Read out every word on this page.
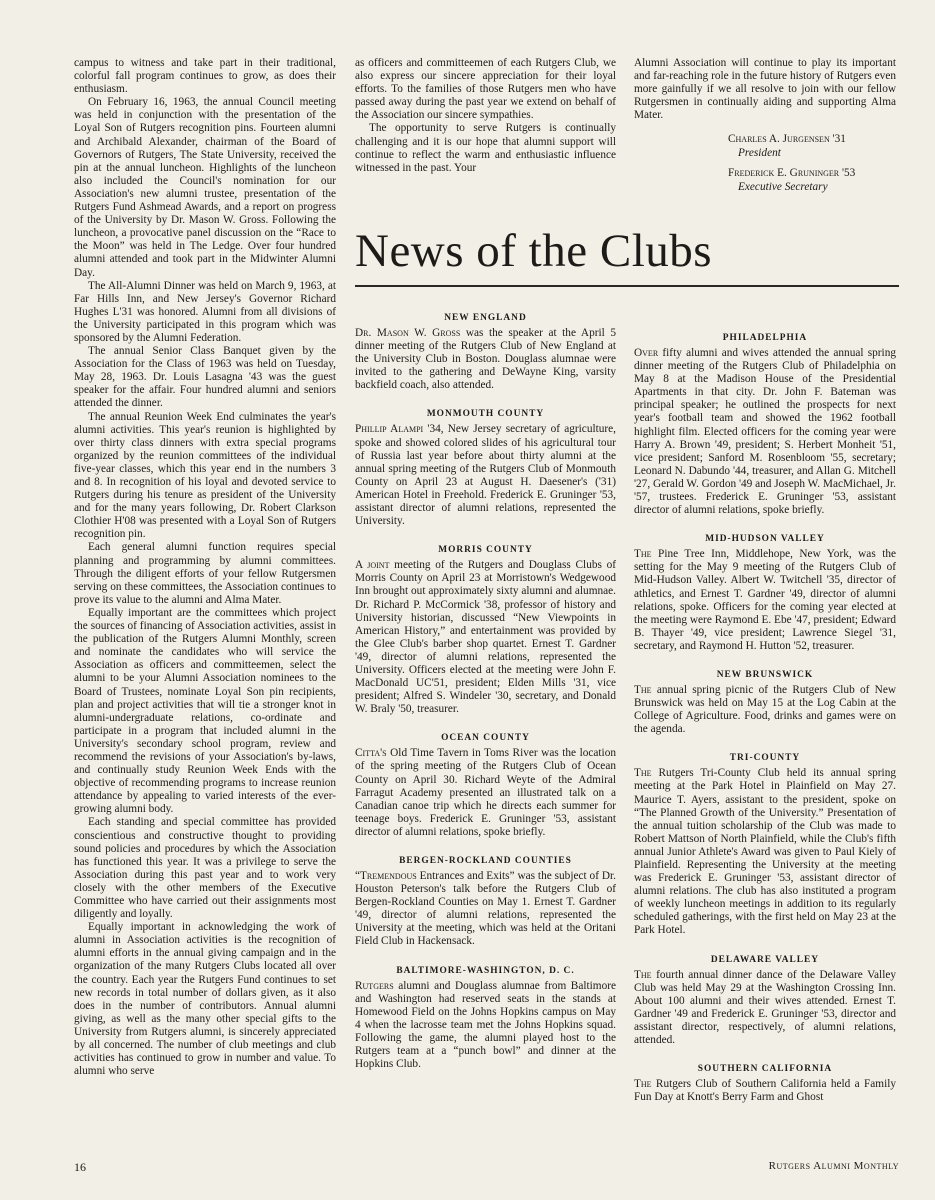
campus to witness and take part in their traditional, colorful fall program continues to grow, as does their enthusiasm.

On February 16, 1963, the annual Council meeting was held in conjunction with the presentation of the Loyal Son of Rutgers recognition pins. Fourteen alumni and Archibald Alexander, chairman of the Board of Governors of Rutgers, The State University, received the pin at the annual luncheon. Highlights of the luncheon also included the Council's nomination for our Association's new alumni trustee, presentation of the Rutgers Fund Ashmead Awards, and a report on progress of the University by Dr. Mason W. Gross. Following the luncheon, a provocative panel discussion on the “Race to the Moon” was held in The Ledge. Over four hundred alumni attended and took part in the Midwinter Alumni Day.

The All-Alumni Dinner was held on March 9, 1963, at Far Hills Inn, and New Jersey's Governor Richard Hughes L'31 was honored. Alumni from all divisions of the University participated in this program which was sponsored by the Alumni Federation.

The annual Senior Class Banquet given by the Association for the Class of 1963 was held on Tuesday, May 28, 1963. Dr. Louis Lasagna '43 was the guest speaker for the affair. Four hundred alumni and seniors attended the dinner.

The annual Reunion Week End culminates the year's alumni activities. This year's reunion is highlighted by over thirty class dinners with extra special programs organized by the reunion committees of the individual five-year classes, which this year end in the numbers 3 and 8. In recognition of his loyal and devoted service to Rutgers during his tenure as president of the University and for the many years following, Dr. Robert Clarkson Clothier H'08 was presented with a Loyal Son of Rutgers recognition pin.

Each general alumni function requires special planning and programming by alumni committees. Through the diligent efforts of your fellow Rutgersmen serving on these committees, the Association continues to prove its value to the alumni and Alma Mater.

Equally important are the committees which project the sources of financing of Association activities, assist in the publication of the Rutgers Alumni Monthly, screen and nominate the candidates who will service the Association as officers and committeemen, select the alumni to be your Alumni Association nominees to the Board of Trustees, nominate Loyal Son pin recipients, plan and project activities that will tie a stronger knot in alumni-undergraduate relations, co-ordinate and participate in a program that included alumni in the University's secondary school program, review and recommend the revisions of your Association's by-laws, and continually study Reunion Week Ends with the objective of recommending programs to increase reunion attendance by appealing to varied interests of the ever-growing alumni body.

Each standing and special committee has provided conscientious and constructive thought to providing sound policies and procedures by which the Association has functioned this year. It was a privilege to serve the Association during this past year and to work very closely with the other members of the Executive Committee who have carried out their assignments most diligently and loyally.

Equally important in acknowledging the work of alumni in Association activities is the recognition of alumni efforts in the annual giving campaign and in the organization of the many Rutgers Clubs located all over the country. Each year the Rutgers Fund continues to set new records in total number of dollars given, as it also does in the number of contributors. Annual alumni giving, as well as the many other special gifts to the University from Rutgers alumni, is sincerely appreciated by all concerned. The number of club meetings and club activities has continued to grow in number and value. To alumni who serve

as officers and committeemen of each Rutgers Club, we also express our sincere appreciation for their loyal efforts. To the families of those Rutgers men who have passed away during the past year we extend on behalf of the Association our sincere sympathies.

The opportunity to serve Rutgers is continually challenging and it is our hope that alumni support will continue to reflect the warm and enthusiastic influence witnessed in the past. Your

Alumni Association will continue to play its important and far-reaching role in the future history of Rutgers even more gainfully if we all resolve to join with our fellow Rutgersmen in continually aiding and supporting Alma Mater.

Charles A. Jurgensen '31
President
Frederick E. Gruninger '53
Executive Secretary
News of the Clubs
NEW ENGLAND

Dr. Mason W. Gross was the speaker at the April 5 dinner meeting of the Rutgers Club of New England at the University Club in Boston. Douglass alumnae were invited to the gathering and DeWayne King, varsity backfield coach, also attended.

MONMOUTH COUNTY

Phillip Alampi '34, New Jersey secretary of agriculture, spoke and showed colored slides of his agricultural tour of Russia last year before about thirty alumni at the annual spring meeting of the Rutgers Club of Monmouth County on April 23 at August H. Daesener's ('31) American Hotel in Freehold. Frederick E. Gruninger '53, assistant director of alumni relations, represented the University.

MORRIS COUNTY

A joint meeting of the Rutgers and Douglass Clubs of Morris County on April 23 at Morristown's Wedgewood Inn brought out approximately sixty alumni and alumnae. Dr. Richard P. McCormick '38, professor of history and University historian, discussed “New Viewpoints in American History,” and entertainment was provided by the Glee Club's barber shop quartet. Ernest T. Gardner '49, director of alumni relations, represented the University. Officers elected at the meeting were John F. MacDonald UC'51, president; Elden Mills '31, vice president; Alfred S. Windeler '30, secretary, and Donald W. Braly '50, treasurer.

OCEAN COUNTY

Citta's Old Time Tavern in Toms River was the location of the spring meeting of the Rutgers Club of Ocean County on April 30. Richard Weyte of the Admiral Farragut Academy presented an illustrated talk on a Canadian canoe trip which he directs each summer for teenage boys. Frederick E. Gruninger '53, assistant director of alumni relations, spoke briefly.

BERGEN-ROCKLAND COUNTIES

“Tremendous Entrances and Exits” was the subject of Dr. Houston Peterson's talk before the Rutgers Club of Bergen-Rockland Counties on May 1. Ernest T. Gardner '49, director of alumni relations, represented the University at the meeting, which was held at the Oritani Field Club in Hackensack.

BALTIMORE-WASHINGTON, D. C.

Rutgers alumni and Douglass alumnae from Baltimore and Washington had reserved seats in the stands at Homewood Field on the Johns Hopkins campus on May 4 when the lacrosse team met the Johns Hopkins squad. Following the game, the alumni played host to the Rutgers team at a “punch bowl” and dinner at the Hopkins Club.

PHILADELPHIA

Over fifty alumni and wives attended the annual spring dinner meeting of the Rutgers Club of Philadelphia on May 8 at the Madison House of the Presidential Apartments in that city. Dr. John F. Bateman was principal speaker; he outlined the prospects for next year's football team and showed the 1962 football highlight film. Elected officers for the coming year were Harry A. Brown '49, president; S. Herbert Monheit '51, vice president; Sanford M. Rosenbloom '55, secretary; Leonard N. Dabundo '44, treasurer, and Allan G. Mitchell '27, Gerald W. Gordon '49 and Joseph W. MacMichael, Jr. '57, trustees. Frederick E. Gruninger '53, assistant director of alumni relations, spoke briefly.

MID-HUDSON VALLEY

The Pine Tree Inn, Middlehope, New York, was the setting for the May 9 meeting of the Rutgers Club of Mid-Hudson Valley. Albert W. Twitchell '35, director of athletics, and Ernest T. Gardner '49, director of alumni relations, spoke. Officers for the coming year elected at the meeting were Raymond E. Ebe '47, president; Edward B. Thayer '49, vice president; Lawrence Siegel '31, secretary, and Raymond H. Hutton '52, treasurer.

NEW BRUNSWICK

The annual spring picnic of the Rutgers Club of New Brunswick was held on May 15 at the Log Cabin at the College of Agriculture. Food, drinks and games were on the agenda.

TRI-COUNTY

The Rutgers Tri-County Club held its annual spring meeting at the Park Hotel in Plainfield on May 27. Maurice T. Ayers, assistant to the president, spoke on “The Planned Growth of the University.” Presentation of the annual tuition scholarship of the Club was made to Robert Mattson of North Plainfield, while the Club's fifth annual Junior Athlete's Award was given to Paul Kiely of Plainfield. Representing the University at the meeting was Frederick E. Gruninger '53, assistant director of alumni relations. The club has also instituted a program of weekly luncheon meetings in addition to its regularly scheduled gatherings, with the first held on May 23 at the Park Hotel.

DELAWARE VALLEY

The fourth annual dinner dance of the Delaware Valley Club was held May 29 at the Washington Crossing Inn. About 100 alumni and their wives attended. Ernest T. Gardner '49 and Frederick E. Gruninger '53, director and assistant director, respectively, of alumni relations, attended.

SOUTHERN CALIFORNIA

The Rutgers Club of Southern California held a Family Fun Day at Knott's Berry Farm and Ghost

16	Rutgers Alumni Monthly
